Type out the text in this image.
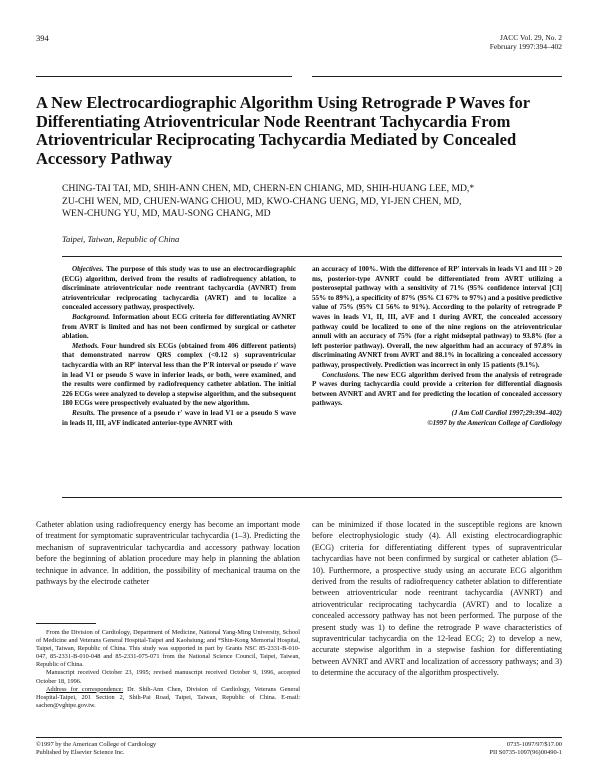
394	JACC Vol. 29, No. 2
February 1997:394–402
A New Electrocardiographic Algorithm Using Retrograde P Waves for Differentiating Atrioventricular Node Reentrant Tachycardia From Atrioventricular Reciprocating Tachycardia Mediated by Concealed Accessory Pathway
CHING-TAI TAI, MD, SHIH-ANN CHEN, MD, CHERN-EN CHIANG, MD, SHIH-HUANG LEE, MD,*
ZU-CHI WEN, MD, CHUEN-WANG CHIOU, MD, KWO-CHANG UENG, MD, YI-JEN CHEN, MD,
WEN-CHUNG YU, MD, MAU-SONG CHANG, MD
Taipei, Taiwan, Republic of China

Objectives. The purpose of this study was to use an electrocardiographic (ECG) algorithm, derived from the results of radiofrequency ablation, to discriminate atrioventricular node reentrant tachycardia (AVNRT) from atrioventricular reciprocating tachycardia (AVRT) and to localize a concealed accessory pathway, prospectively.

Background. Information about ECG criteria for differentiating AVNRT from AVRT is limited and has not been confirmed by surgical or catheter ablation.

Methods. Four hundred six ECGs (obtained from 406 different patients) that demonstrated narrow QRS complex (<0.12 s) supraventricular tachycardia with an RP′ interval less than the P′R interval or pseudo r′ wave in lead V1 or pseudo S wave in inferior leads, or both, were examined, and the results were confirmed by radiofrequency catheter ablation. The initial 226 ECGs were analyzed to develop a stepwise algorithm, and the subsequent 180 ECGs were prospectively evaluated by the new algorithm.

Results. The presence of a pseudo r′ wave in lead V1 or a pseudo S wave in leads II, III, aVF indicated anterior-type AVNRT with

an accuracy of 100%. With the difference of RP′ intervals in leads V1 and III > 20 ms, posterior-type AVNRT could be differentiated from AVRT utilizing a posteroseptal pathway with a sensitivity of 71% (95% confidence interval [CI] 55% to 89%), a specificity of 87% (95% CI 67% to 97%) and a positive predictive value of 75% (95% CI 56% to 91%). According to the polarity of retrograde P waves in leads V1, II, III, aVF and I during AVRT, the concealed accessory pathway could be localized to one of the nine regions on the atrioventricular annuli with an accuracy of 75% (for a right midseptal pathway) to 93.8% (for a left posterior pathway). Overall, the new algorithm had an accuracy of 97.8% in discriminating AVNRT from AVRT and 88.1% in localizing a concealed accessory pathway, prospectively. Prediction was incorrect in only 15 patients (9.1%).

Conclusions. The new ECG algorithm derived from the analysis of retrograde P waves during tachycardia could provide a criterion for differential diagnosis between AVNRT and AVRT and for predicting the location of concealed accessory pathways.

(J Am Coll Cardiol 1997;29:394–402)

©1997 by the American College of Cardiology

Catheter ablation using radiofrequency energy has become an important mode of treatment for symptomatic supraventricular tachycardia (1–3). Predicting the mechanism of supraventricular tachycardia and accessory pathway location before the beginning of ablation procedure may help in planning the ablation technique in advance. In addition, the possibility of mechanical trauma on the pathways by the electrode catheter

can be minimized if those located in the susceptible regions are known before electrophysiologic study (4). All existing electrocardiographic (ECG) criteria for differentiating different types of supraventricular tachycardias have not been confirmed by surgical or catheter ablation (5–10). Furthermore, a prospective study using an accurate ECG algorithm derived from the results of radiofrequency catheter ablation to differentiate between atrioventricular node reentrant tachycardia (AVNRT) and atrioventricular reciprocating tachycardia (AVRT) and to localize a concealed accessory pathway has not been performed. The purpose of the present study was 1) to define the retrograde P wave characteristics of supraventricular tachycardia on the 12-lead ECG; 2) to develop a new, accurate stepwise algorithm in a stepwise fashion for differentiating between AVNRT and AVRT and localization of accessory pathways; and 3) to determine the accuracy of the algorithm prospectively.

From the Division of Cardiology, Department of Medicine, National Yang-Ming University, School of Medicine and Veterans General Hospital-Taipei and Kaohsiung; and *Shin-Kong Memorial Hospital, Taipei, Taiwan, Republic of China. This study was supported in part by Grants NSC 85-2331-B-010-047, 85-2331-B-010-048 and 85-2331-075-071 from the National Science Council, Taipei, Taiwan, Republic of China.

Manuscript received October 23, 1995; revised manuscript received October 9, 1996, accepted October 18, 1996.

Address for correspondence: Dr. Shih-Ann Chen, Division of Cardiology, Veterans General Hospital-Taipei, 201 Section 2, Shih-Pai Road, Taipei, Taiwan, Republic of China. E-mail: sachen@vghtpe.gov.tw.

©1997 by the American College of Cardiology
Published by Elsevier Science Inc.
0735-1097/97/$17.00
PII S0735-1097(96)00490-1
